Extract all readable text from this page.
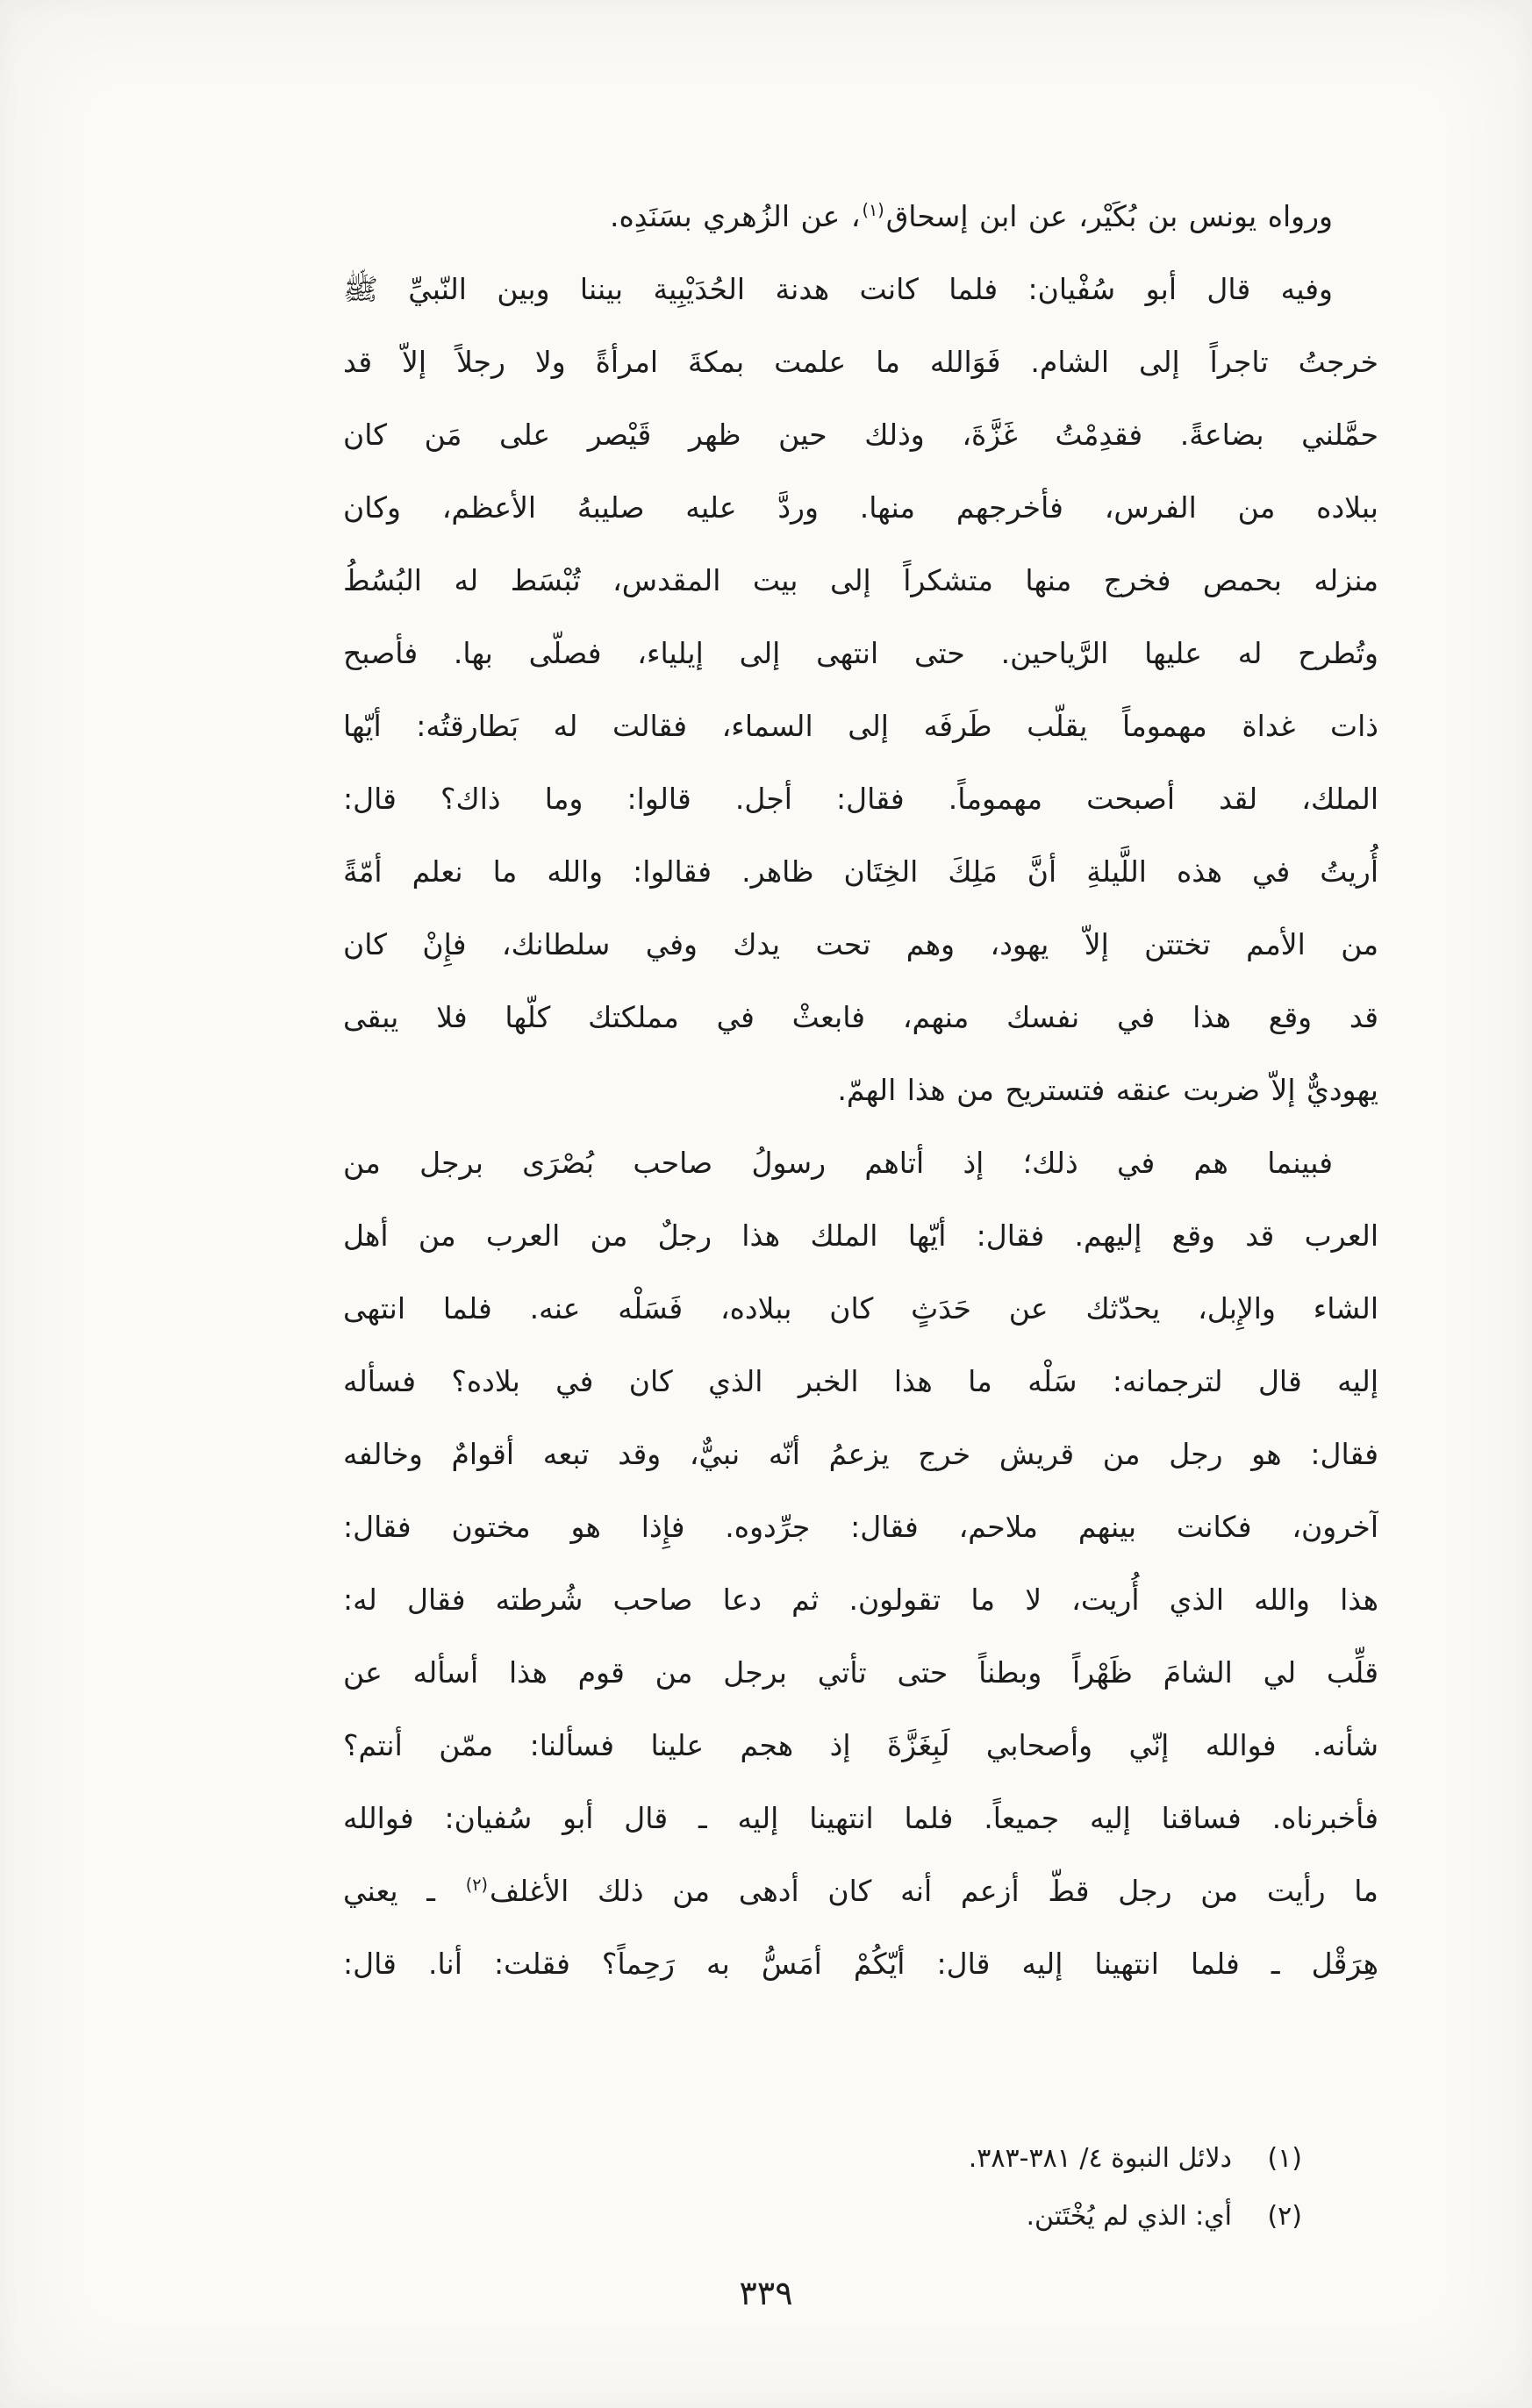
ورواه يونس بن بُكَيْر، عن ابن إسحاق$^{(١)}$، عن الزُهري بسَنَدِه.
وفيه قال أبو سُفْيان: فلما كانت هدنة الحُدَيْبِية بيننا وبين النّبيِّ ﷺ
خرجتُ تاجراً إلى الشام. فَوَالله ما علمت بمكةَ امرأةً ولا رجلاً إلاّ قد
حمَّلني بضاعةً. فقدِمْتُ غَزَّةَ، وذلك حين ظهر قَيْصر على مَن كان
ببلاده من الفرس، فأخرجهم منها. وردَّ عليه صليبهُ الأعظم، وكان
منزله بحمص فخرج منها متشكراً إلى بيت المقدس، تُبْسَط له البُسُطُ
وتُطرح له عليها الرَّياحين. حتى انتهى إلى إيلياء، فصلّى بها. فأصبح
ذات غداة مهموماً يقلّب طَرفَه إلى السماء، فقالت له بَطارقتُه: أيّها
الملك، لقد أصبحت مهموماً. فقال: أجل. قالوا: وما ذاك؟ قال:
أُريتُ في هذه اللَّيلةِ أنَّ مَلِكَ الخِتَان ظاهر. فقالوا: والله ما نعلم أمّةً
من الأمم تختتن إلاّ يهود، وهم تحت يدك وفي سلطانك، فإِنْ كان
قد وقع هذا في نفسك منهم، فابعثْ في مملكتك كلّها فلا يبقى
يهوديٌّ إلاّ ضربت عنقه فتستريح من هذا الهمّ.
فبينما هم في ذلك؛ إذ أتاهم رسولُ صاحب بُصْرَى برجل من
العرب قد وقع إليهم. فقال: أيّها الملك هذا رجلٌ من العرب من أهل
الشاء والإِبل، يحدّثك عن حَدَثٍ كان ببلاده، فَسَلْه عنه. فلما انتهى
إليه قال لترجمانه: سَلْه ما هذا الخبر الذي كان في بلاده؟ فسأله
فقال: هو رجل من قريش خرج يزعمُ أنّه نبيٌّ، وقد تبعه أقوامٌ وخالفه
آخرون، فكانت بينهم ملاحم، فقال: جرِّدوه. فإِذا هو مختون فقال:
هذا والله الذي أُريت، لا ما تقولون. ثم دعا صاحب شُرطته فقال له:
قلِّب لي الشامَ ظَهْراً وبطناً حتى تأتي برجل من قوم هذا أسأله عن
شأنه. فوالله إنّي وأصحابي لَبِغَزَّةَ إذ هجم علينا فسألنا: ممّن أنتم؟
فأخبرناه. فساقنا إليه جميعاً. فلما انتهينا إليه ـ قال أبو سُفيان: فوالله
ما رأيت من رجل قطّ أزعم أنه كان أدهى من ذلك الأغلف$^{(٢)}$ ـ يعني
هِرَقْل ـ فلما انتهينا إليه قال: أيّكُمْ أمَسُّ به رَحِماً؟ فقلت: أنا. قال:
(١)
دلائل النبوة ٤/ ٣٨١-٣٨٣.
(٢)
أي: الذي لم يُخْتَتن.
٣٣٩
